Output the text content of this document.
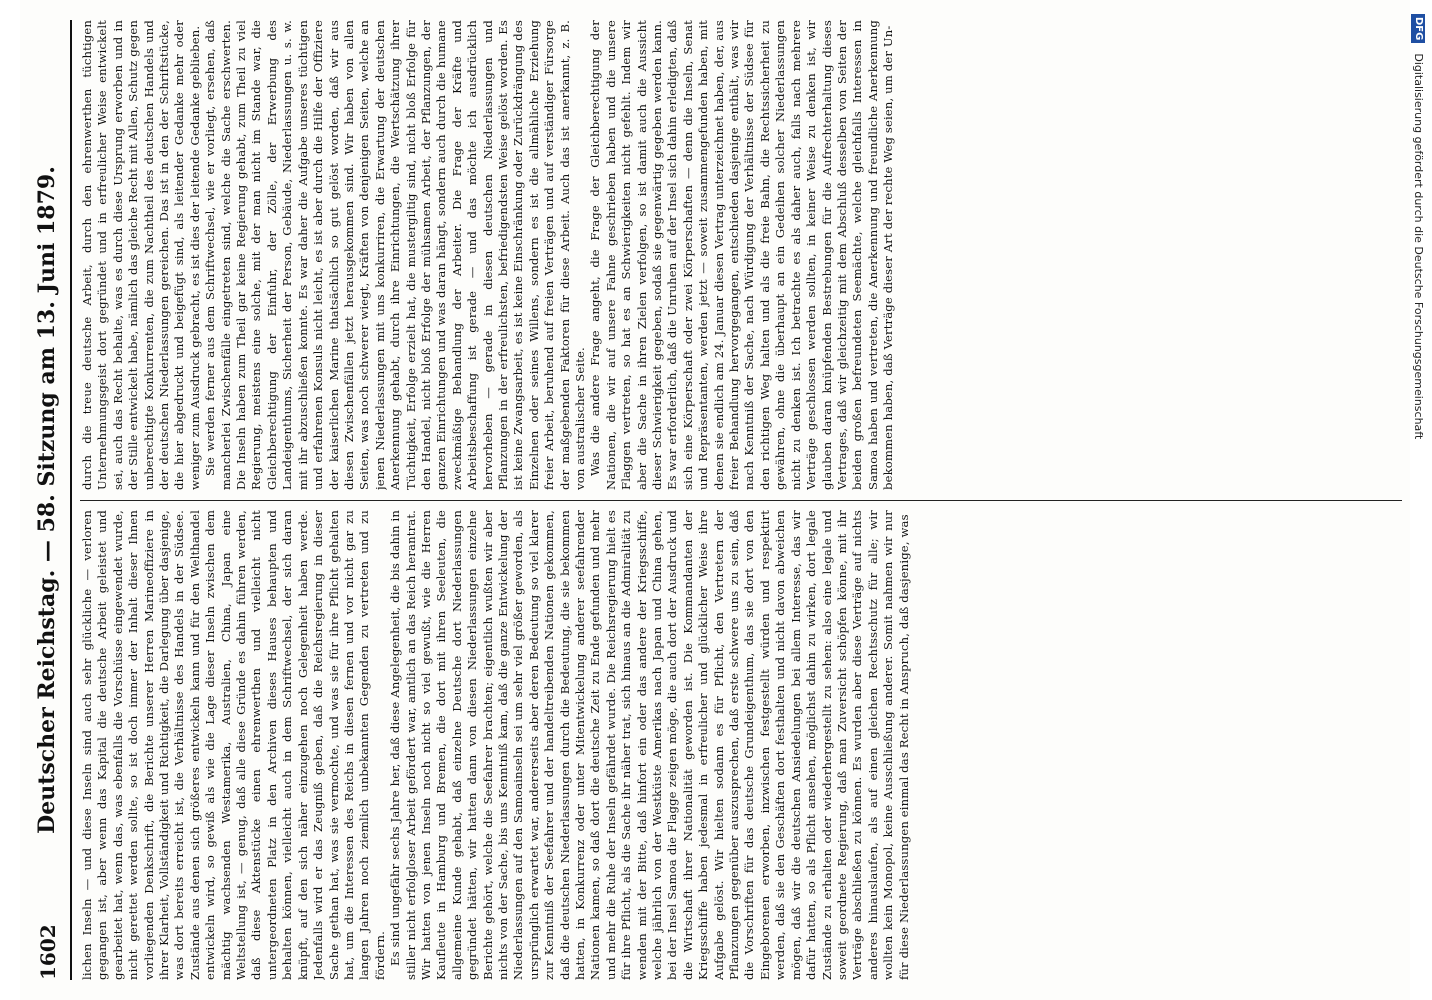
1602
Deutscher Reichstag. — 58. Sitzung am 13. Juni 1879. lichen Inseln — und diese Inseln sind auch sehr glückliche — verloren gegangen ist, aber wenn das Kapital die deutsche Arbeit geleistet und gearbeitet hat, wenn das, was ebenfalls die Vorschüsse eingewendet wurde, nicht gerettet werden sollte, so ist doch immer der Inhalt dieser Ihnen vorliegenden Denkschrift, die Berichte unserer Herren Marineoffiziere in ihrer Klarheit, Vollständigkeit und Richtigkeit, die Darlegung über dasjenige, was dort bereits erreicht ist, die Verhältnisse des Handels in der Südsee. Zustände aus denen sich größeres entwickeln kann und für den Welthandel entwickeln wird, so gewiß als wie die Lage dieser Inseln zwischen dem mächtig wachsenden Westamerika, Australien, China, Japan eine Weltstellung ist, — genug, daß alle diese Gründe es dahin führen werden, daß diese Aktenstücke einen ehrenwerthen und vielleicht nicht untergeordneten Platz in den Archiven dieses Hauses behaupten und behalten können, vielleicht auch in dem Schriftwechsel, der sich daran knüpft, auf den sich näher einzugehen noch Gelegenheit haben werde. Jedenfalls wird er das Zeugniß geben, daß die Reichsregierung in dieser Sache gethan hat, was sie vermochte, und was sie für ihre Pflicht gehalten hat, um die Interessen des Reichs in diesen fernen und vor nicht gar zu langen Jahren noch ziemlich unbekannten Gegenden zu vertreten und zu fördern. Es sind ungefähr sechs Jahre her, daß diese Angelegenheit, die bis dahin in stiller nicht erfolgloser Arbeit gefördert war, amtlich an das Reich herantrat. Wir hatten von jenen Inseln noch nicht so viel gewußt, wie die Herren Kaufleute in Hamburg und Bremen, die dort mit ihren Seeleuten, die allgemeine Kunde gehabt, daß einzelne Deutsche dort Niederlassungen gegründet hätten, wir hatten dann von diesen Niederlassungen einzelne Berichte gehört, welche die Seefahrer brachten; eigentlich wußten wir aber nichts von der Sache, bis uns Kenntniß kam, daß die ganze Entwickelung der Niederlassungen auf den Samoainseln sei um sehr viel größer geworden, als ursprünglich erwartet war, andererseits aber deren Bedeutung so viel klarer zur Kenntniß der Seefahrer und der handeltreibenden Nationen gekommen, daß die deutschen Niederlassungen durch die Bedeutung, die sie bekommen hatten, in Konkurrenz oder unter Mitentwickelung anderer seefahrender Nationen kamen, so daß dort die deutsche Zeit zu Ende gefunden und mehr und mehr die Ruhe der Inseln gefährdet wurde. Die Reichsregierung hielt es für ihre Pflicht, als die Sache ihr näher trat, sich hinaus an die Admiralität zu wenden mit der Bitte, daß hinfort ein oder das andere der Kriegsschiffe, welche jährlich von der Westküste Amerikas nach Japan und China gehen, bei der Insel Samoa die Flagge zeigen möge, die auch dort der Ausdruck und die Wirtschaft ihrer Nationalität geworden ist. Die Kommandanten der Kriegsschiffe haben jedesmal in erfreulicher und glücklicher Weise ihre Aufgabe gelöst. Wir hielten sodann es für Pflicht, den Vertretern der Pflanzungen gegenüber auszusprechen, daß erste schwere uns zu sein, daß die Vorschriften für das deutsche Grundeigenthum, das sie dort von den Eingeborenen erworben, inzwischen festgestellt würden und respektirt werden, daß sie den Geschäften dort festhalten und nicht davon abweichen mögen, daß wir die deutschen Ansiedelungen bei allem Interesse, das wir dafür hatten, so als Pflicht ansehen, möglichst dahin zu wirken, dort legale Zustände zu erhalten oder wiederhergestellt zu sehen: also eine legale und soweit geordnete Regierung, daß man Zuversicht schöpfen könne, mit ihr Verträge abschließen zu können. Es wurden aber diese Verträge auf nichts anderes hinauslaufen, als auf einen gleichen Rechtsschutz für alle; wir wollten kein Monopol, keine Ausschließung anderer. Somit nahmen wir nur für diese Niederlassungen einmal das Recht in Anspruch, daß dasjenige, was

durch die treue deutsche Arbeit, durch den ehrenwerthen tüchtigen Unternehmungsgeist dort gegründet und in erfreulicher Weise entwickelt sei, auch das Recht behalte, was es durch diese Ursprung erworben und in der Stille entwickelt habe, nämlich das gleiche Recht mit Allen, Schutz gegen unberechtigte Konkurrenten, die zum Nachtheil des deutschen Handels und der deutschen Niederlassungen gereichen. Das ist in den der Schriftstücke, die hier abgedruckt und beigefügt sind, als leitender Gedanke mehr oder weniger zum Ausdruck gebracht, es ist dies der leitende Gedanke geblieben. Sie werden ferner aus dem Schriftwechsel, wie er vorliegt, ersehen, daß mancherlei Zwischenfälle eingetreten sind, welche die Sache erschwerten. Die Inseln haben zum Theil gar keine Regierung gehabt, zum Theil zu viel Regierung, meistens eine solche, mit der man nicht im Stande war, die Gleichberechtigung der Einfuhr, der Zölle, der Erwerbung des Landeigenthums, Sicherheit der Person, Gebäude, Niederlassungen u. s. w. mit ihr abzuschließen konnte. Es war daher die Aufgabe unseres tüchtigen und erfahrenen Konsuls nicht leicht, es ist aber durch die Hilfe der Offiziere der kaiserlichen Marine thatsächlich so gut gelöst worden, daß wir aus diesen Zwischenfällen jetzt herausgekommen sind. Wir haben von allen Seiten, was noch schwerer wiegt, Kräften von denjenigen Seiten, welche an jenen Niederlassungen mit uns konkurriren, die Erwartung der deutschen Anerkennung gehabt, durch ihre Einrichtungen, die Wertschätzung ihrer Tüchtigkeit, Erfolge erzielt hat, die mustergiltig sind, nicht bloß Erfolge für den Handel, nicht bloß Erfolge der mühsamen Arbeit, der Pflanzungen, der ganzen Einrichtungen und was daran hängt, sondern auch durch die humane zweckmäßige Behandlung der Arbeiter. Die Frage der Kräfte und Arbeitsbeschaffung ist gerade — und das möchte ich ausdrücklich hervorheben — gerade in diesen deutschen Niederlassungen und Pflanzungen in der erfreulichsten, befriedigendsten Weise gelöst worden. Es ist keine Zwangsarbeit, es ist keine Einschränkung oder Zurückdrängung des Einzelnen oder seines Willens, sondern es ist die allmähliche Erziehung freier Arbeit, beruhend auf freien Verträgen und auf verständiger Fürsorge der maßgebenden Faktoren für diese Arbeit. Auch das ist anerkannt, z. B. von australischer Seite. Was die andere Frage angeht, die Frage der Gleichberechtigung der Nationen, die wir auf unsere Fahne geschrieben haben und die unsere Flaggen vertreten, so hat es an Schwierigkeiten nicht gefehlt. Indem wir aber die Sache in ihren Zielen verfolgen, so ist damit auch die Aussicht dieser Schwierigkeit gegeben, sodaß sie gegenwärtig gegeben werden kann. Es war erforderlich, daß die Unruhen auf der Insel sich dahin erledigten, daß sich eine Körperschaft oder zwei Körperschaften — denn die Inseln, Senat und Repräsentanten, werden jetzt — soweit zusammengefunden haben, mit denen sie endlich am 24. Januar diesen Vertrag unterzeichnet haben, der, aus freier Behandlung hervorgegangen, entschieden dasjenige enthält, was wir nach Kenntniß der Sache, nach Würdigung der Verhältnisse der Südsee für den richtigen Weg halten und als die freie Bahn, die Rechtssicherheit zu gewähren, ohne die überhaupt an ein Gedeihen solcher Niederlassungen nicht zu denken ist. Ich betrachte es als daher auch, falls nach mehrere Verträge geschlossen werden sollten, in keiner Weise zu denken ist, wir glauben daran knüpfenden Bestrebungen für die Aufrechterhaltung dieses Vertrages, daß wir gleichzeitig mit dem Abschluß desselben von Seiten der beiden großen befreundeten Seemächte, welche gleichfalls Interessen in Samoa haben und vertreten, die Anerkennung und freundliche Anerkennung bekommen haben, daß Verträge dieser Art der rechte Weg seien, um der Un-	DFG
Digitalisierung gefördert durch die Deutsche Forschungsgemeinschaft
